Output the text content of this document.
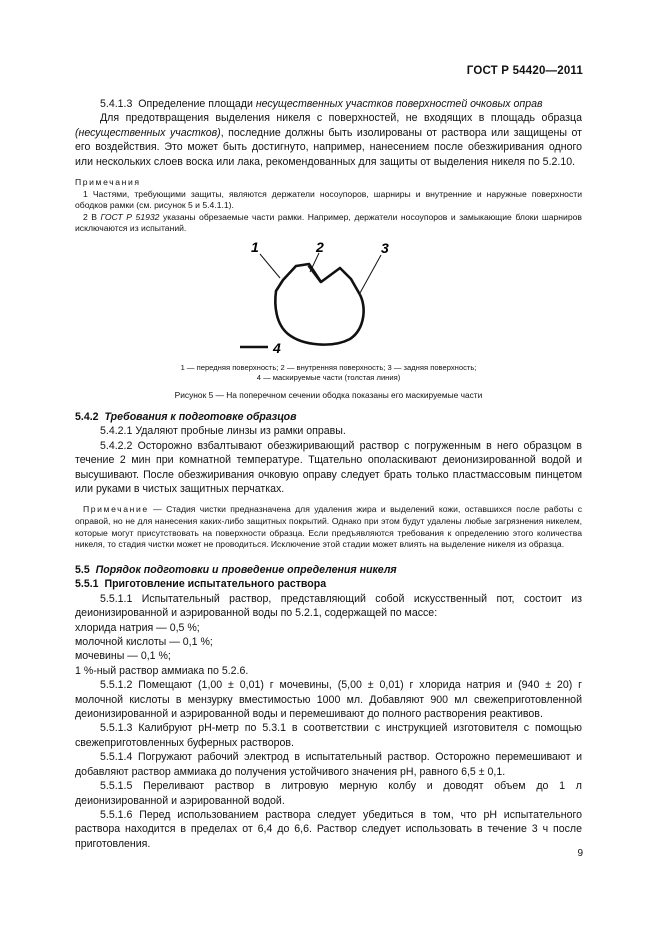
ГОСТ Р 54420—2011

5.4.1.3 Определение площади несущественных участков поверхностей очковых оправ

Для предотвращения выделения никеля с поверхностей, не входящих в площадь образца (несущественных участков), последние должны быть изолированы от раствора или защищены от его воздействия. Это может быть достигнуто, например, нанесением после обезжиривания одного или нескольких слоев воска или лака, рекомендованных для защиты от выделения никеля по 5.2.10.

Примечания

1 Частями, требующими защиты, являются держатели носоупоров, шарниры и внутренние и наружные поверхности ободков рамки (см. рисунок 5 и 5.4.1.1).

2 В ГОСТ Р 51932 указаны обрезаемые части рамки. Например, держатели носоупоров и замыкающие блоки шарниров исключаются из испытаний.

1	2	3
4

1 — передняя поверхность; 2 — внутренняя поверхность; 3 — задняя поверхность;

4 — маскируемые части (толстая линия)

Рисунок 5 — На поперечном сечении ободка показаны его маскируемые части

5.4.2 Требования к подготовке образцов

5.4.2.1 Удаляют пробные линзы из рамки оправы.

5.4.2.2 Осторожно взбалтывают обезжиривающий раствор с погруженным в него образцом в течение 2 мин при комнатной температуре. Тщательно ополаскивают деионизированной водой и высушивают. После обезжиривания очковую оправу следует брать только пластмассовым пинцетом или руками в чистых защитных перчатках.

Примечание — Стадия чистки предназначена для удаления жира и выделений кожи, оставшихся после работы с оправой, но не для нанесения каких-либо защитных покрытий. Однако при этом будут удалены любые загрязнения никелем, которые могут присутствовать на поверхности образца. Если предъявляются требования к определению этого количества никеля, то стадия чистки может не проводиться. Исключение этой стадии может влиять на выделение никеля из образца.

5.5 Порядок подготовки и проведение определения никеля

5.5.1 Приготовление испытательного раствора

5.5.1.1 Испытательный раствор, представляющий собой искусственный пот, состоит из деионизированной и аэрированной воды по 5.2.1, содержащей по массе:

хлорида натрия — 0,5 %;

молочной кислоты — 0,1 %;

мочевины — 0,1 %;

1 %-ный раствор аммиака по 5.2.6.

5.5.1.2 Помещают (1,00 ± 0,01) г мочевины, (5,00 ± 0,01) г хлорида натрия и (940 ± 20) г молочной кислоты в мензурку вместимостью 1000 мл. Добавляют 900 мл свежеприготовленной деионизированной и аэрированной воды и перемешивают до полного растворения реактивов.

5.5.1.3 Калибруют рН-метр по 5.3.1 в соответствии с инструкцией изготовителя с помощью свежеприготовленных буферных растворов.

5.5.1.4 Погружают рабочий электрод в испытательный раствор. Осторожно перемешивают и добавляют раствор аммиака до получения устойчивого значения рН, равного 6,5 ± 0,1.

5.5.1.5 Переливают раствор в литровую мерную колбу и доводят объем до 1 л деионизированной и аэрированной водой.

5.5.1.6 Перед использованием раствора следует убедиться в том, что рН испытательного раствора находится в пределах от 6,4 до 6,6. Раствор следует использовать в течение 3 ч после приготовления.

9
